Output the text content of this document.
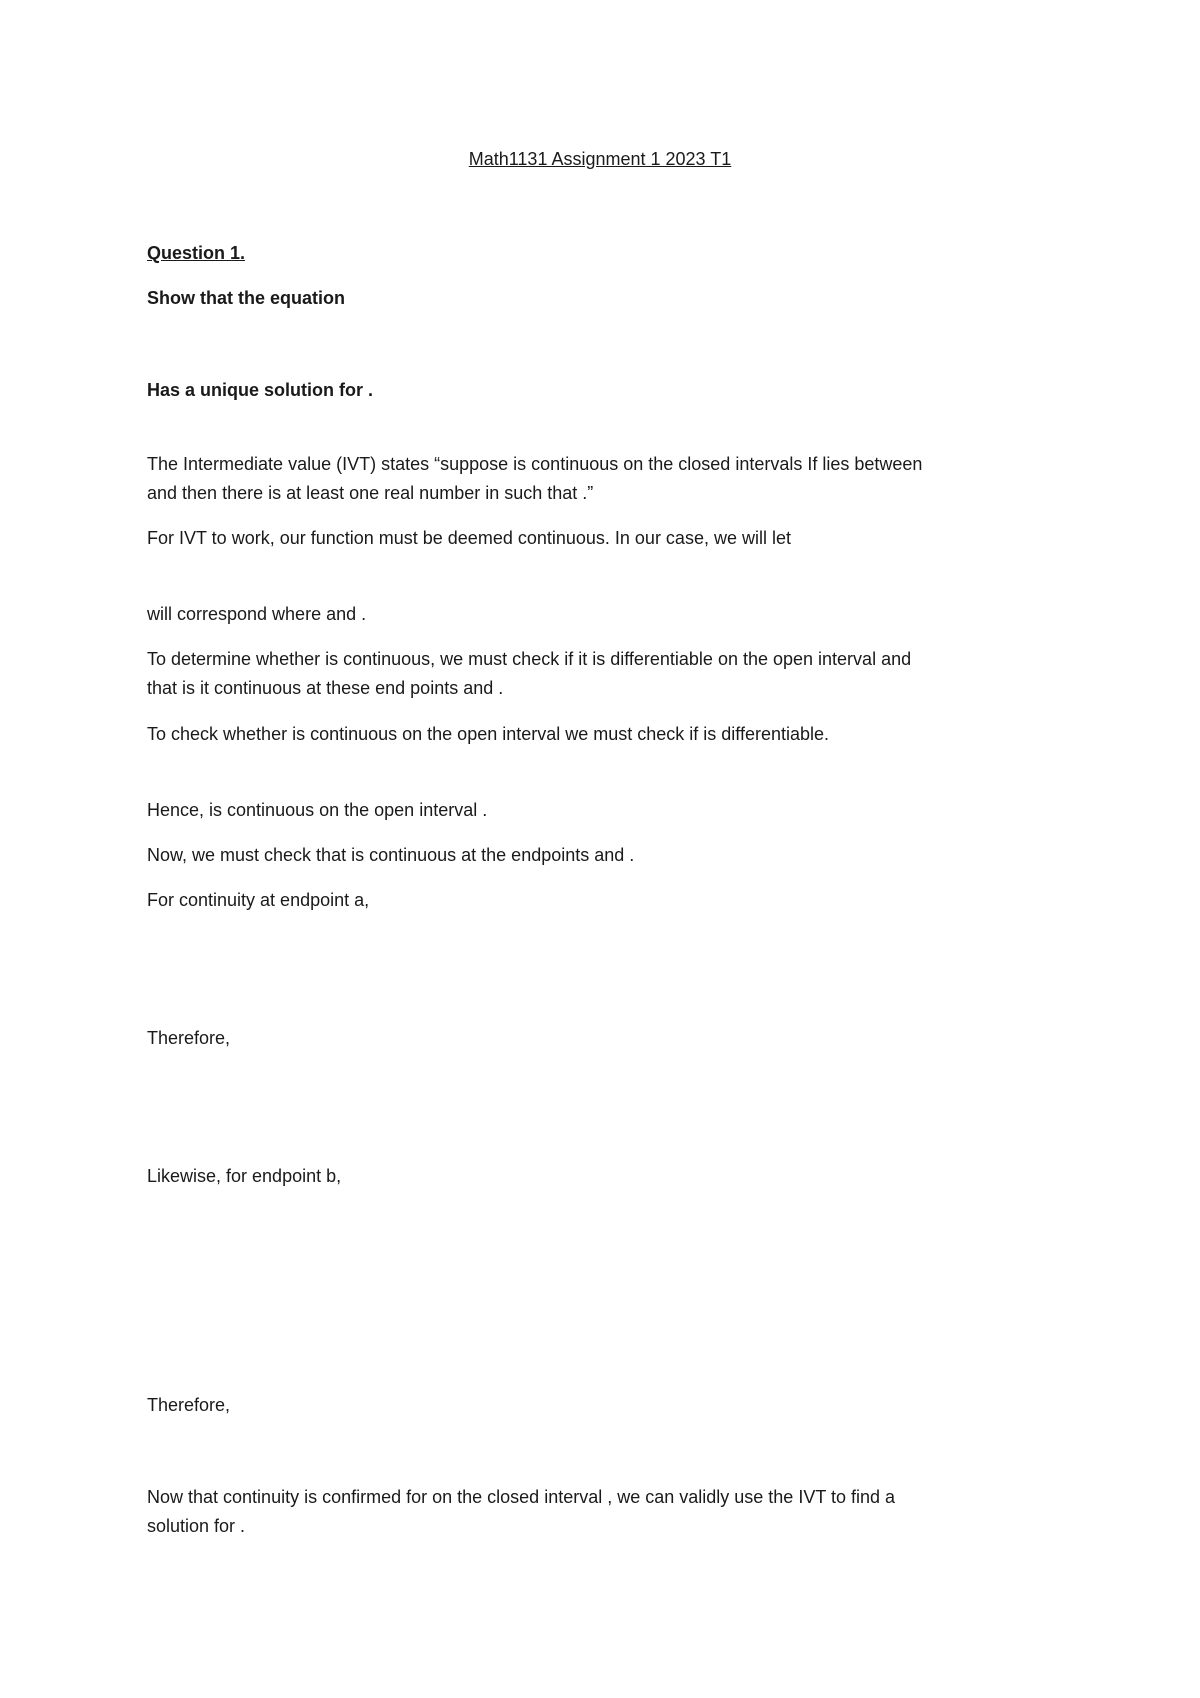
Math1131 Assignment 1 2023 T1
Question 1.
Show that the equation
Has a unique solution for .
The Intermediate value (IVT) states “suppose is continuous on the closed intervals If lies between
and then there is at least one real number in such that .”
For IVT to work, our function must be deemed continuous. In our case, we will let
will correspond where and .
To determine whether is continuous, we must check if it is differentiable on the open interval and
that is it continuous at these end points and .
To check whether is continuous on the open interval we must check if is differentiable.
Hence, is continuous on the open interval .
Now, we must check that is continuous at the endpoints and .
For continuity at endpoint a,
Therefore,
Likewise, for endpoint b,
Therefore,
Now that continuity is confirmed for on the closed interval , we can validly use the IVT to find a
solution for .
